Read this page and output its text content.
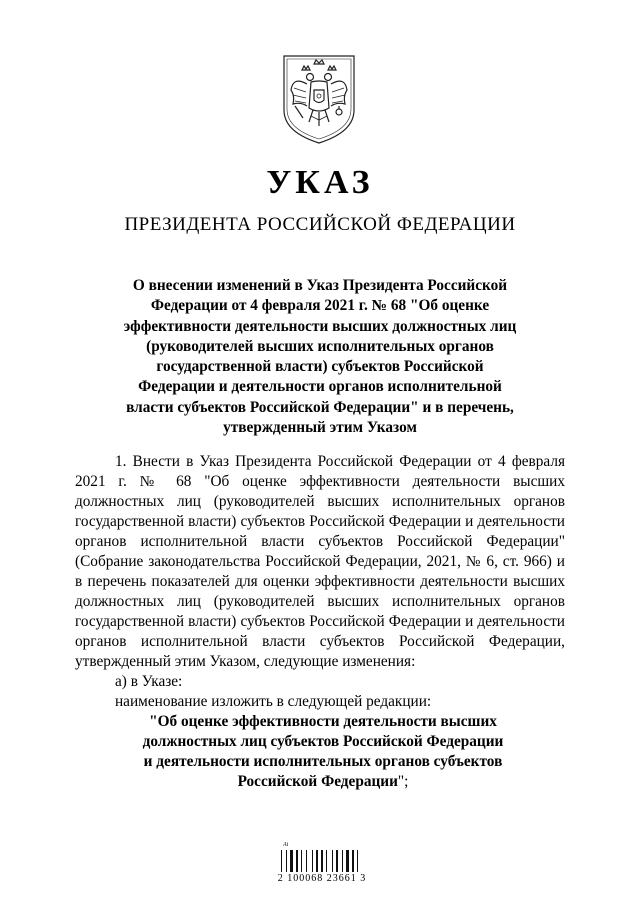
УКАЗ
ПРЕЗИДЕНТА РОССИЙСКОЙ ФЕДЕРАЦИИ
О внесении изменений в Указ Президента Российской
Федерации от 4 февраля 2021 г. № 68 "Об оценке
эффективности деятельности высших должностных лиц
(руководителей высших исполнительных органов
государственной власти) субъектов Российской
Федерации и деятельности органов исполнительной
власти субъектов Российской Федерации" и в перечень,
утвержденный этим Указом

1. Внести в Указ Президента Российской Федерации от 4 февраля 2021 г. № 68 "Об оценке эффективности деятельности высших должностных лиц (руководителей высших исполнительных органов государственной власти) субъектов Российской Федерации и деятельности органов исполнительной власти субъектов Российской Федерации" (Собрание законодательства Российской Федерации, 2021, № 6, ст. 966) и в перечень показателей для оценки эффективности деятельности высших должностных лиц (руководителей высших исполнительных органов государственной власти) субъектов Российской Федерации и деятельности органов исполнительной власти субъектов Российской Федерации, утвержденный этим Указом, следующие изменения:

а) в Указе:

наименование изложить в следующей редакции:

"Об оценке эффективности деятельности высших
должностных лиц субъектов Российской Федерации
и деятельности исполнительных органов субъектов
Российской Федерации";
Ai
2 100068 23661 3
